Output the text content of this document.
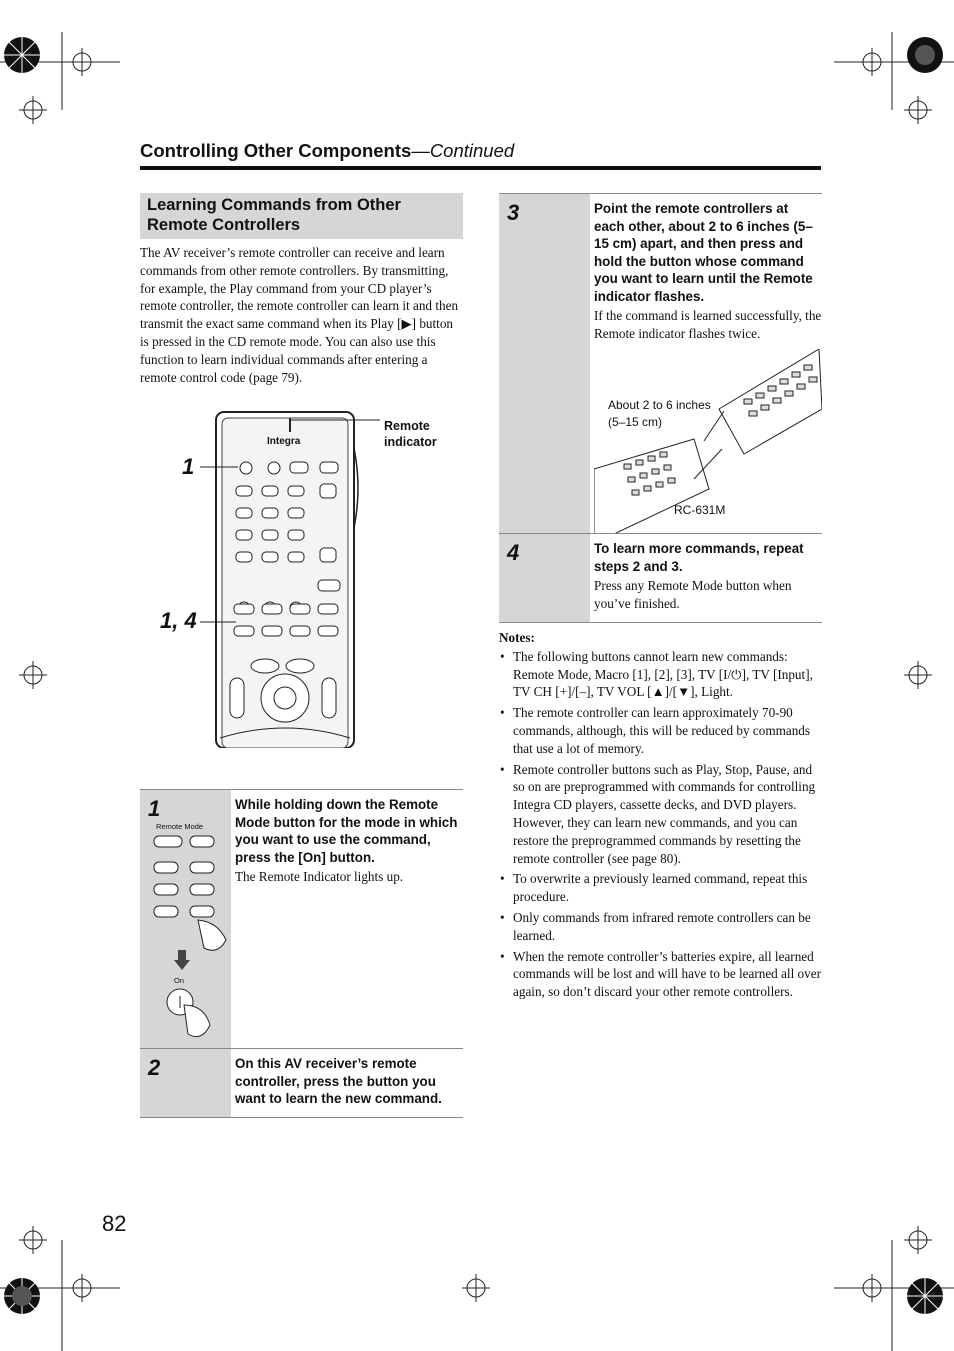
Controlling Other Components—Continued
Learning Commands from Other Remote Controllers
The AV receiver’s remote controller can receive and learn commands from other remote controllers. By transmitting, for example, the Play command from your CD player’s remote controller, the remote controller can learn it and then transmit the exact same command when its Play [▶] button is pressed in the CD remote mode. You can also use this function to learn individual commands after entering a remote control code (page 79).
Integra
Remote indicator
1
1, 4
1
Remote Mode
On
While holding down the Remote Mode button for the mode in which you want to use the command, press the [On] button.
The Remote Indicator lights up.
2	On this AV receiver’s remote controller, press the button you want to learn the new command.
3	Point the remote controllers at each other, about 2 to 6 inches (5–15 cm) apart, and then press and hold the button whose command you want to learn until the Remote indicator flashes.
If the command is learned successfully, the Remote indicator flashes twice.
About 2 to 6 inches (5–15 cm)
RC-631M
4	To learn more commands, repeat steps 2 and 3.
Press any Remote Mode button when you’ve finished.
Notes:
• The following buttons cannot learn new commands: Remote Mode, Macro [1], [2], [3], TV [I/⏻], TV [Input], TV CH [+]/[–], TV VOL [▲]/[▼], Light.
• The remote controller can learn approximately 70-90 commands, although, this will be reduced by commands that use a lot of memory.
• Remote controller buttons such as Play, Stop, Pause, and so on are preprogrammed with commands for controlling Integra CD players, cassette decks, and DVD players. However, they can learn new commands, and you can restore the preprogrammed commands by resetting the remote controller (see page 80).
• To overwrite a previously learned command, repeat this procedure.
• Only commands from infrared remote controllers can be learned.
• When the remote controller’s batteries expire, all learned commands will be lost and will have to be learned all over again, so don’t discard your other remote controllers.
82
